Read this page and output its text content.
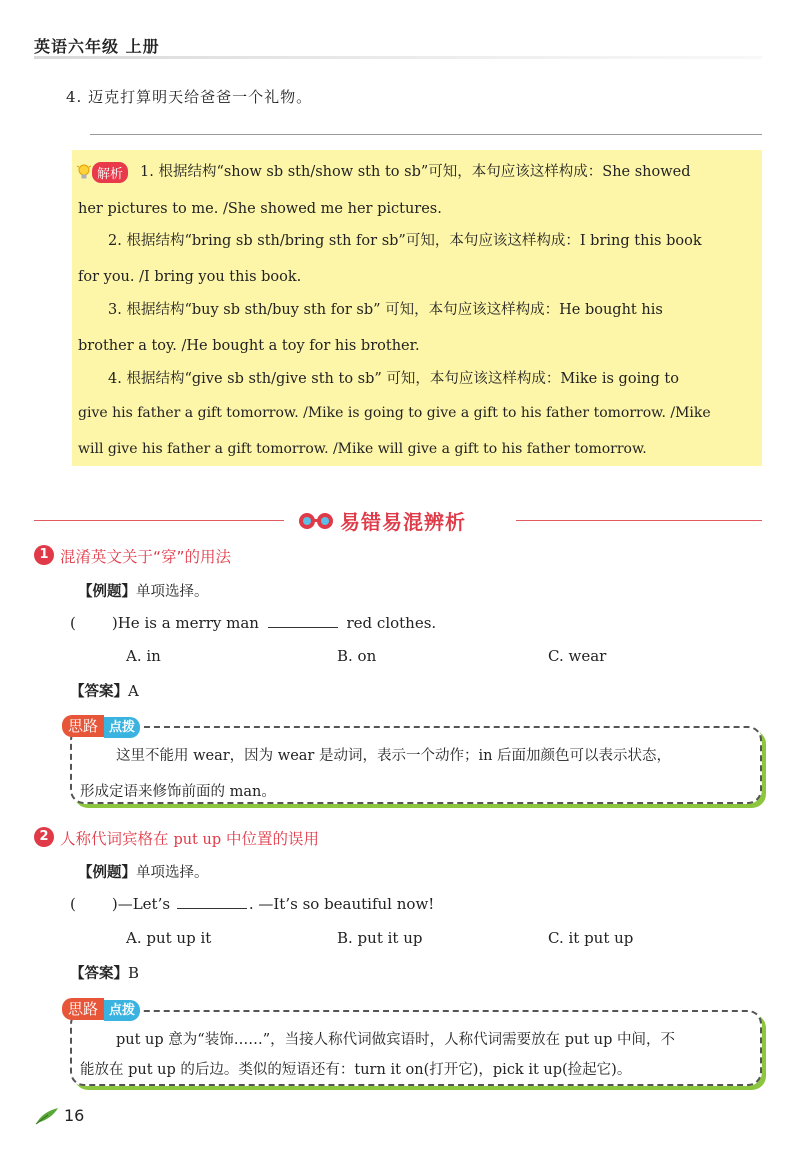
英语六年级 上册
4. 迈克打算明天给爸爸一个礼物。
解析	1. 根据结构“show sb sth/show sth to sb”可知，本句应该这样构成：She showed
her pictures to me. /She showed me her pictures.
2. 根据结构“bring sb sth/bring sth for sb”可知，本句应该这样构成：I bring this book
for you. /I bring you this book.
3. 根据结构“buy sb sth/buy sth for sb” 可知，本句应该这样构成：He bought his
brother a toy. /He bought a toy for his brother.
4. 根据结构“give sb sth/give sth to sb” 可知，本句应该这样构成：Mike is going to
give his father a gift tomorrow. /Mike is going to give a gift to his father tomorrow. /Mike
will give his father a gift tomorrow. /Mike will give a gift to his father tomorrow.
易错易混辨析
1 混淆英文关于“穿”的用法
【例题】单项选择。
( )He is a merry man	red clothes.
A. in	B. on	C. wear
【答案】A
这里不能用 wear，因为 wear 是动词，表示一个动作；in 后面加颜色可以表示状态，
形成定语来修饰前面的 man。
思路 点拨
2 人称代词宾格在 put up 中位置的误用
【例题】单项选择。
( )—Let’s	. —It’s so beautiful now!
A. put up it	B. put it up	C. it put up
【答案】B
put up 意为“装饰……”，当接人称代词做宾语时，人称代词需要放在 put up 中间，不
能放在 put up 的后边。类似的短语还有：turn it on(打开它)，pick it up(捡起它)。
思路 点拨
16
